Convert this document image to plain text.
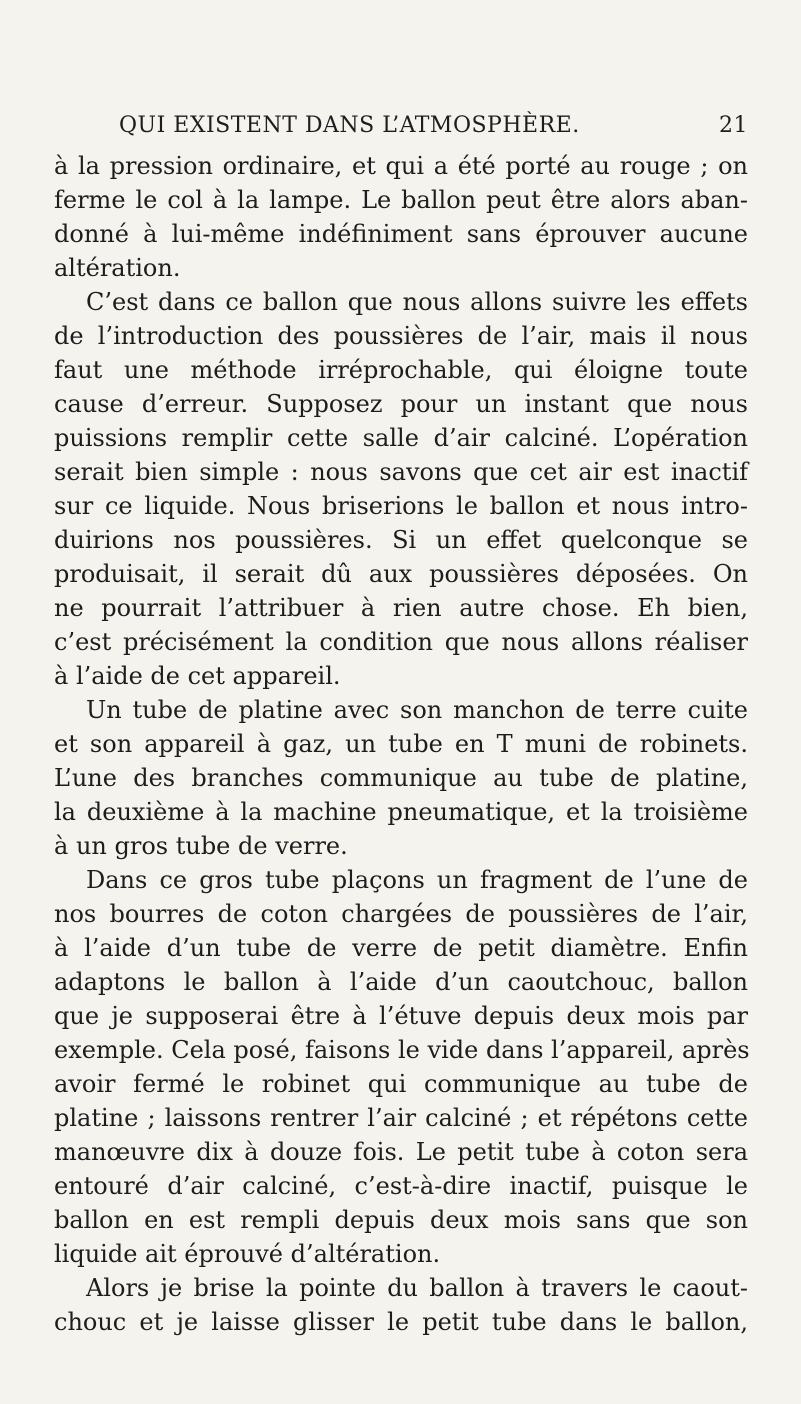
QUI EXISTENT DANS L’ATMOSPHÈRE.	21
à la pression ordinaire, et qui a été porté au rouge ; on
ferme le col à la lampe. Le ballon peut être alors aban-
donné à lui-même indéfiniment sans éprouver aucune
altération.
C’est dans ce ballon que nous allons suivre les effets
de l’introduction des poussières de l’air, mais il nous
faut une méthode irréprochable, qui éloigne toute
cause d’erreur. Supposez pour un instant que nous
puissions remplir cette salle d’air calciné. L’opération
serait bien simple : nous savons que cet air est inactif
sur ce liquide. Nous briserions le ballon et nous intro-
duirions nos poussières. Si un effet quelconque se
produisait, il serait dû aux poussières déposées. On
ne pourrait l’attribuer à rien autre chose. Eh bien,
c’est précisément la condition que nous allons réaliser
à l’aide de cet appareil.
Un tube de platine avec son manchon de terre cuite
et son appareil à gaz, un tube en T muni de robinets.
L’une des branches communique au tube de platine,
la deuxième à la machine pneumatique, et la troisième
à un gros tube de verre.
Dans ce gros tube plaçons un fragment de l’une de
nos bourres de coton chargées de poussières de l’air,
à l’aide d’un tube de verre de petit diamètre. Enfin
adaptons le ballon à l’aide d’un caoutchouc, ballon
que je supposerai être à l’étuve depuis deux mois par
exemple. Cela posé, faisons le vide dans l’appareil, après
avoir fermé le robinet qui communique au tube de
platine ; laissons rentrer l’air calciné ; et répétons cette
manœuvre dix à douze fois. Le petit tube à coton sera
entouré d’air calciné, c’est-à-dire inactif, puisque le
ballon en est rempli depuis deux mois sans que son
liquide ait éprouvé d’altération.
Alors je brise la pointe du ballon à travers le caout-
chouc et je laisse glisser le petit tube dans le ballon,
